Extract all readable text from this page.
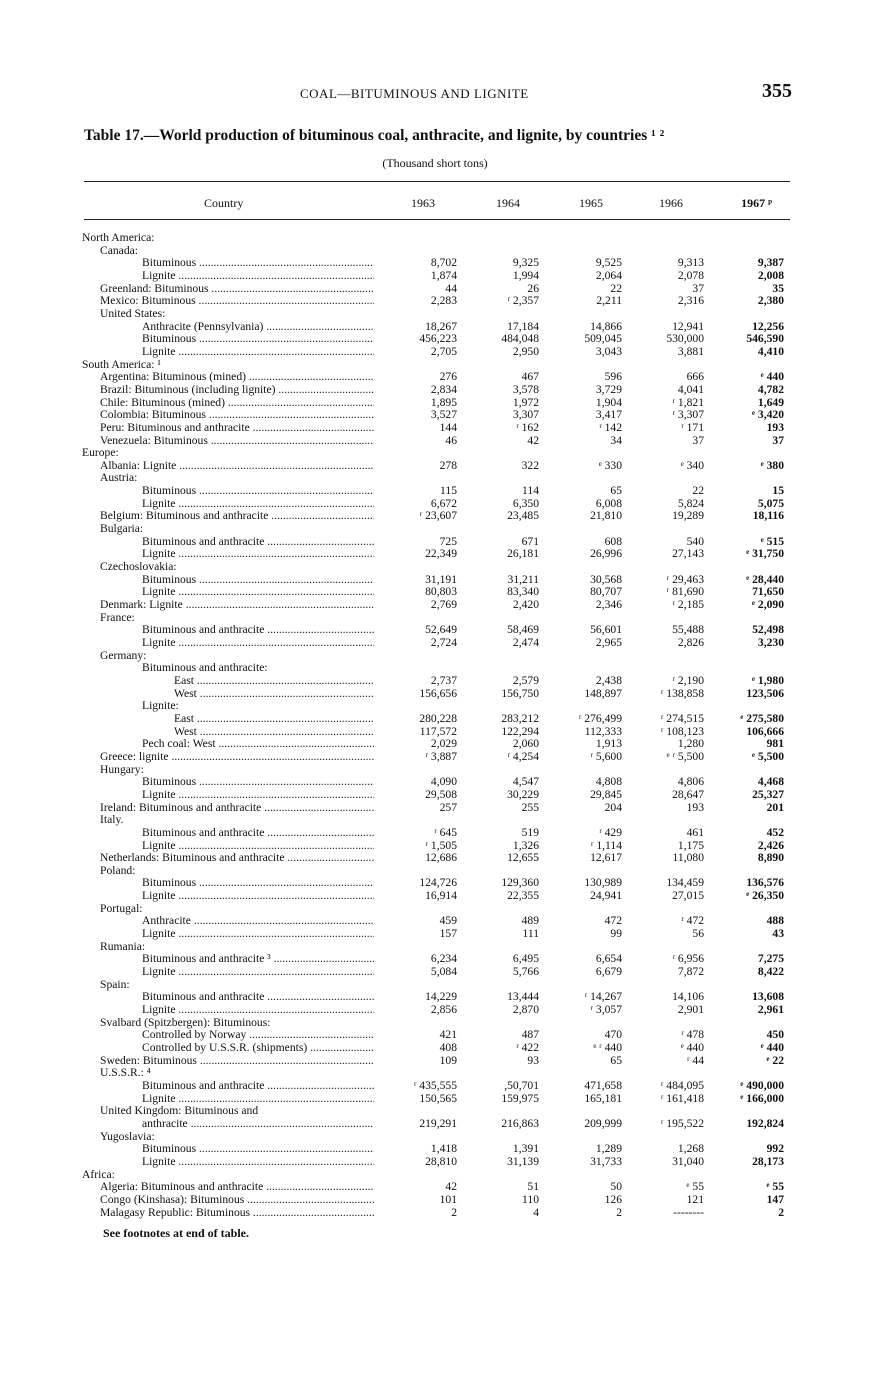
COAL—BITUMINOUS AND LIGNITE	355
Table 17.—World production of bituminous coal, anthracite, and lignite, by countries ¹ ²
(Thousand short tons)
Country	1963	1964	1965	1966	1967 ᵖ
North America:
Canada:
Bituminous .....	8,702	9,325	9,525	9,313	9,387
Lignite .....	1,874	1,994	2,064	2,078	2,008
Greenland: Bituminous .....	44	26	22	37	35
Mexico: Bituminous .....	2,283	ʳ 2,357	2,211	2,316	2,380
United States:
Anthracite (Pennsylvania) .....	18,267	17,184	14,866	12,941	12,256
Bituminous .....	456,223	484,048	509,045	530,000	546,590
Lignite .....	2,705	2,950	3,043	3,881	4,410
South America: ¹
Argentina: Bituminous (mined) .....	276	467	596	666	ᵉ 440
Brazil: Bituminous (including lignite) .....	2,834	3,578	3,729	4,041	4,782
Chile: Bituminous (mined) .....	1,895	1,972	1,904	ʳ 1,821	1,649
Colombia: Bituminous .....	3,527	3,307	3,417	ʳ 3,307	ᵉ 3,420
Peru: Bituminous and anthracite .....	144	ʳ 162	ʳ 142	ʳ 171	193
Venezuela: Bituminous .....	46	42	34	37	37
Europe:
Albania: Lignite .....	278	322	ᵉ 330	ᵉ 340	ᵉ 380
Austria:
Bituminous .....	115	114	65	22	15
Lignite .....	6,672	6,350	6,008	5,824	5,075
Belgium: Bituminous and anthracite .....	ʳ 23,607	23,485	21,810	19,289	18,116
Bulgaria:
Bituminous and anthracite .....	725	671	608	540	ᵉ 515
Lignite .....	22,349	26,181	26,996	27,143	ᵉ 31,750
Czechoslovakia:
Bituminous .....	31,191	31,211	30,568	ʳ 29,463	ᵉ 28,440
Lignite .....	80,803	83,340	80,707	ʳ 81,690	71,650
Denmark: Lignite .....	2,769	2,420	2,346	ʳ 2,185	ᵉ 2,090
France:
Bituminous and anthracite .....	52,649	58,469	56,601	55,488	52,498
Lignite .....	2,724	2,474	2,965	2,826	3,230
Germany:
Bituminous and anthracite:
East .....	2,737	2,579	2,438	ʳ 2,190	ᵉ 1,980
West .....	156,656	156,750	148,897	ʳ 138,858	123,506
Lignite:
East .....	280,228	283,212	ʳ 276,499	ʳ 274,515	ᵉ 275,580
West .....	117,572	122,294	112,333	ʳ 108,123	106,666
Pech coal: West .....	2,029	2,060	1,913	1,280	981
Greece: lignite .....	ʳ 3,887	ʳ 4,254	ʳ 5,600	ᵉ ʳ 5,500	ᵉ 5,500
Hungary:
Bituminous .....	4,090	4,547	4,808	4,806	4,468
Lignite .....	29,508	30,229	29,845	28,647	25,327
Ireland: Bituminous and anthracite .....	257	255	204	193	201
Italy.
Bituminous and anthracite .....	ʳ 645	519	ʳ 429	461	452
Lignite .....	ʳ 1,505	1,326	ʳ 1,114	1,175	2,426
Netherlands: Bituminous and anthracite .....	12,686	12,655	12,617	11,080	8,890
Poland:
Bituminous .....	124,726	129,360	130,989	134,459	136,576
Lignite .....	16,914	22,355	24,941	27,015	ᵉ 26,350
Portugal:
Anthracite .....	459	489	472	ʳ 472	488
Lignite .....	157	111	99	56	43
Rumania:
Bituminous and anthracite ³ .....	6,234	6,495	6,654	ʳ 6,956	7,275
Lignite .....	5,084	5,766	6,679	7,872	8,422
Spain:
Bituminous and anthracite .....	14,229	13,444	ʳ 14,267	14,106	13,608
Lignite .....	2,856	2,870	ʳ 3,057	2,901	2,961
Svalbard (Spitzbergen): Bituminous:
Controlled by Norway .....	421	487	470	ʳ 478	450
Controlled by U.S.S.R. (shipments) .....	408	ʳ 422	ᵉ ʳ 440	ᵉ 440	ᵉ 440
Sweden: Bituminous .....	109	93	65	ʳ 44	ᵉ 22
U.S.S.R.: ⁴
Bituminous and anthracite .....	ʳ 435,555	,50,701	471,658	ʳ 484,095	ᵉ 490,000
Lignite .....	150,565	159,975	165,181	ʳ 161,418	ᵉ 166,000
United Kingdom: Bituminous and
anthracite .....	219,291	216,863	209,999	ʳ 195,522	192,824
Yugoslavia:
Bituminous .....	1,418	1,391	1,289	1,268	992
Lignite .....	28,810	31,139	31,733	31,040	28,173
Africa:
Algeria: Bituminous and anthracite .....	42	51	50	ᵉ 55	ᵉ 55
Congo (Kinshasa): Bituminous .....	101	110	126	121	147
Malagasy Republic: Bituminous .....	2	4	2	--------	2
See footnotes at end of table.
